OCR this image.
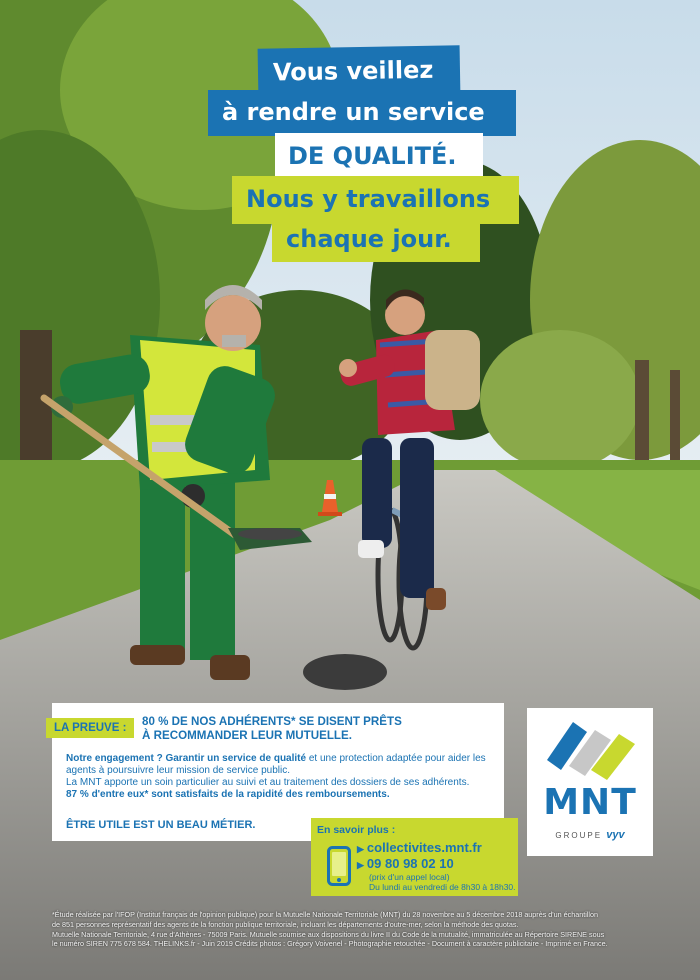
Vous veillez
à rendre un service
DE QUALITÉ.
Nous y travaillons
chaque jour.
LA PREUVE :	80 % DE NOS ADHÉRENTS* SE DISENT PRÊTS
À RECOMMANDER LEUR MUTUELLE.

Notre engagement ? Garantir un service de qualité et une protection adaptée pour aider les agents à poursuivre leur mission de service public.

La MNT apporte un soin particulier au suivi et au traitement des dossiers de ses adhérents.

87 % d'entre eux* sont satisfaits de la rapidité des remboursements.

ÊTRE UTILE EST UN BEAU MÉTIER.	En savoir plus :
▶ collectivites.mnt.fr
▶ 09 80 98 02 10
(prix d'un appel local)
Du lundi au vendredi de 8h30 à 18h30.
MNT
GROUPE vyv

*Étude réalisée par l'IFOP (Institut français de l'opinion publique) pour la Mutuelle Nationale Territoriale (MNT) du 28 novembre au 5 décembre 2018 auprès d'un échantillon

de 851 personnes représentatif des agents de la fonction publique territoriale, incluant les départements d'outre-mer, selon la méthode des quotas.

Mutuelle Nationale Territoriale, 4 rue d'Athènes - 75009 Paris. Mutuelle soumise aux dispositions du livre II du Code de la mutualité, immatriculée au Répertoire SIRENE sous

le numéro SIREN 775 678 584. THELINKS.fr - Juin 2019 Crédits photos : Grégory Voivenel - Photographie retouchée - Document à caractère publicitaire - Imprimé en France.
